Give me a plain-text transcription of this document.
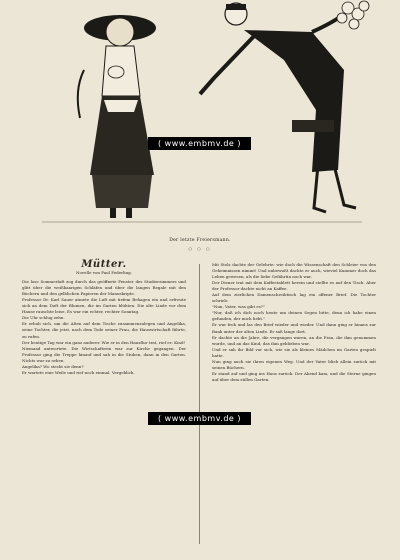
( www.embmv.de )
Der letzte Freiersmann.
○ ○ ○
Mütter.
Novelle von Paul Federling.

Die lose Sommerluft zog durch das geöffnete Fenster des Studierzimmers und glitt über die weißhaarigen Schläfen und über die langen Regale mit den Büchern und den gelblichen Papieren der Manuskripte.

Professor Dr. Karl Sauer atmete die Luft mit tiefem Behagen ein und erfreute sich an dem Duft der Blumen, die im Garten blühten. Die alte Linde vor dem Hause rauschte leise. Es war ein echter, rechter Sonntag.

Die Uhr schlug zehn.

Er erhob sich, um die Alten auf dem Tische zusammenzulegen und Angelika, seine Tochter, die jetzt, nach dem Tode seiner Frau, die Hauswirtschaft führte, zu rufen.

Der heutige Tag war ein ganz anderer. Wie er in den Hausflur trat, rief er: Kind!

Niemand antwortete. Die Wirtschafterin war zur Kirche gegangen. Der Professor ging die Treppe hinauf und sah in die Stuben, dann in den Garten. Nichts war zu sehen.

Angelika? Wo steckt sie denn?

Er wartete eine Weile und rief noch einmal. Vergeblich.

Mit Stolz dachte der Gelehrte: wie doch die Wissenschaft den Schleier von den Geheimnissen nimmt! Und unbewußt dachte er auch, wieviel Kummer doch das Leben gewesen, als die liebe Gefährtin noch war.

Der Diener trat mit dem Kaffeetablett herein und stellte es auf den Tisch. Aber der Professor dachte nicht an Kaffee.

Auf dem zierlichen Damenschreibtisch lag ein offener Brief. Die Tochter schrieb:

"Nun, Vater, was gibt es?"

"Nur, daß ich dich noch heute um deinen Segen bitte, denn ich habe einen gefunden, der mich liebt."

Er war froh und las den Brief wieder und wieder. Und dann ging er hinaus zur Bank unter der alten Linde. Er saß lange dort.

Er dachte an die Jahre, die vergangen waren, an die Frau, die ihm genommen wurde, und an das Kind, das ihm geblieben war.

Und er sah ihr Bild vor sich, wie sie als kleines Mädchen im Garten gespielt hatte.

Nun ging auch sie ihren eigenen Weg. Und der Vater blieb allein zurück mit seinen Büchern.

Er stand auf und ging ins Haus zurück. Der Abend kam, und die Sterne gingen auf über dem stillen Garten.

( www.embmv.de )
